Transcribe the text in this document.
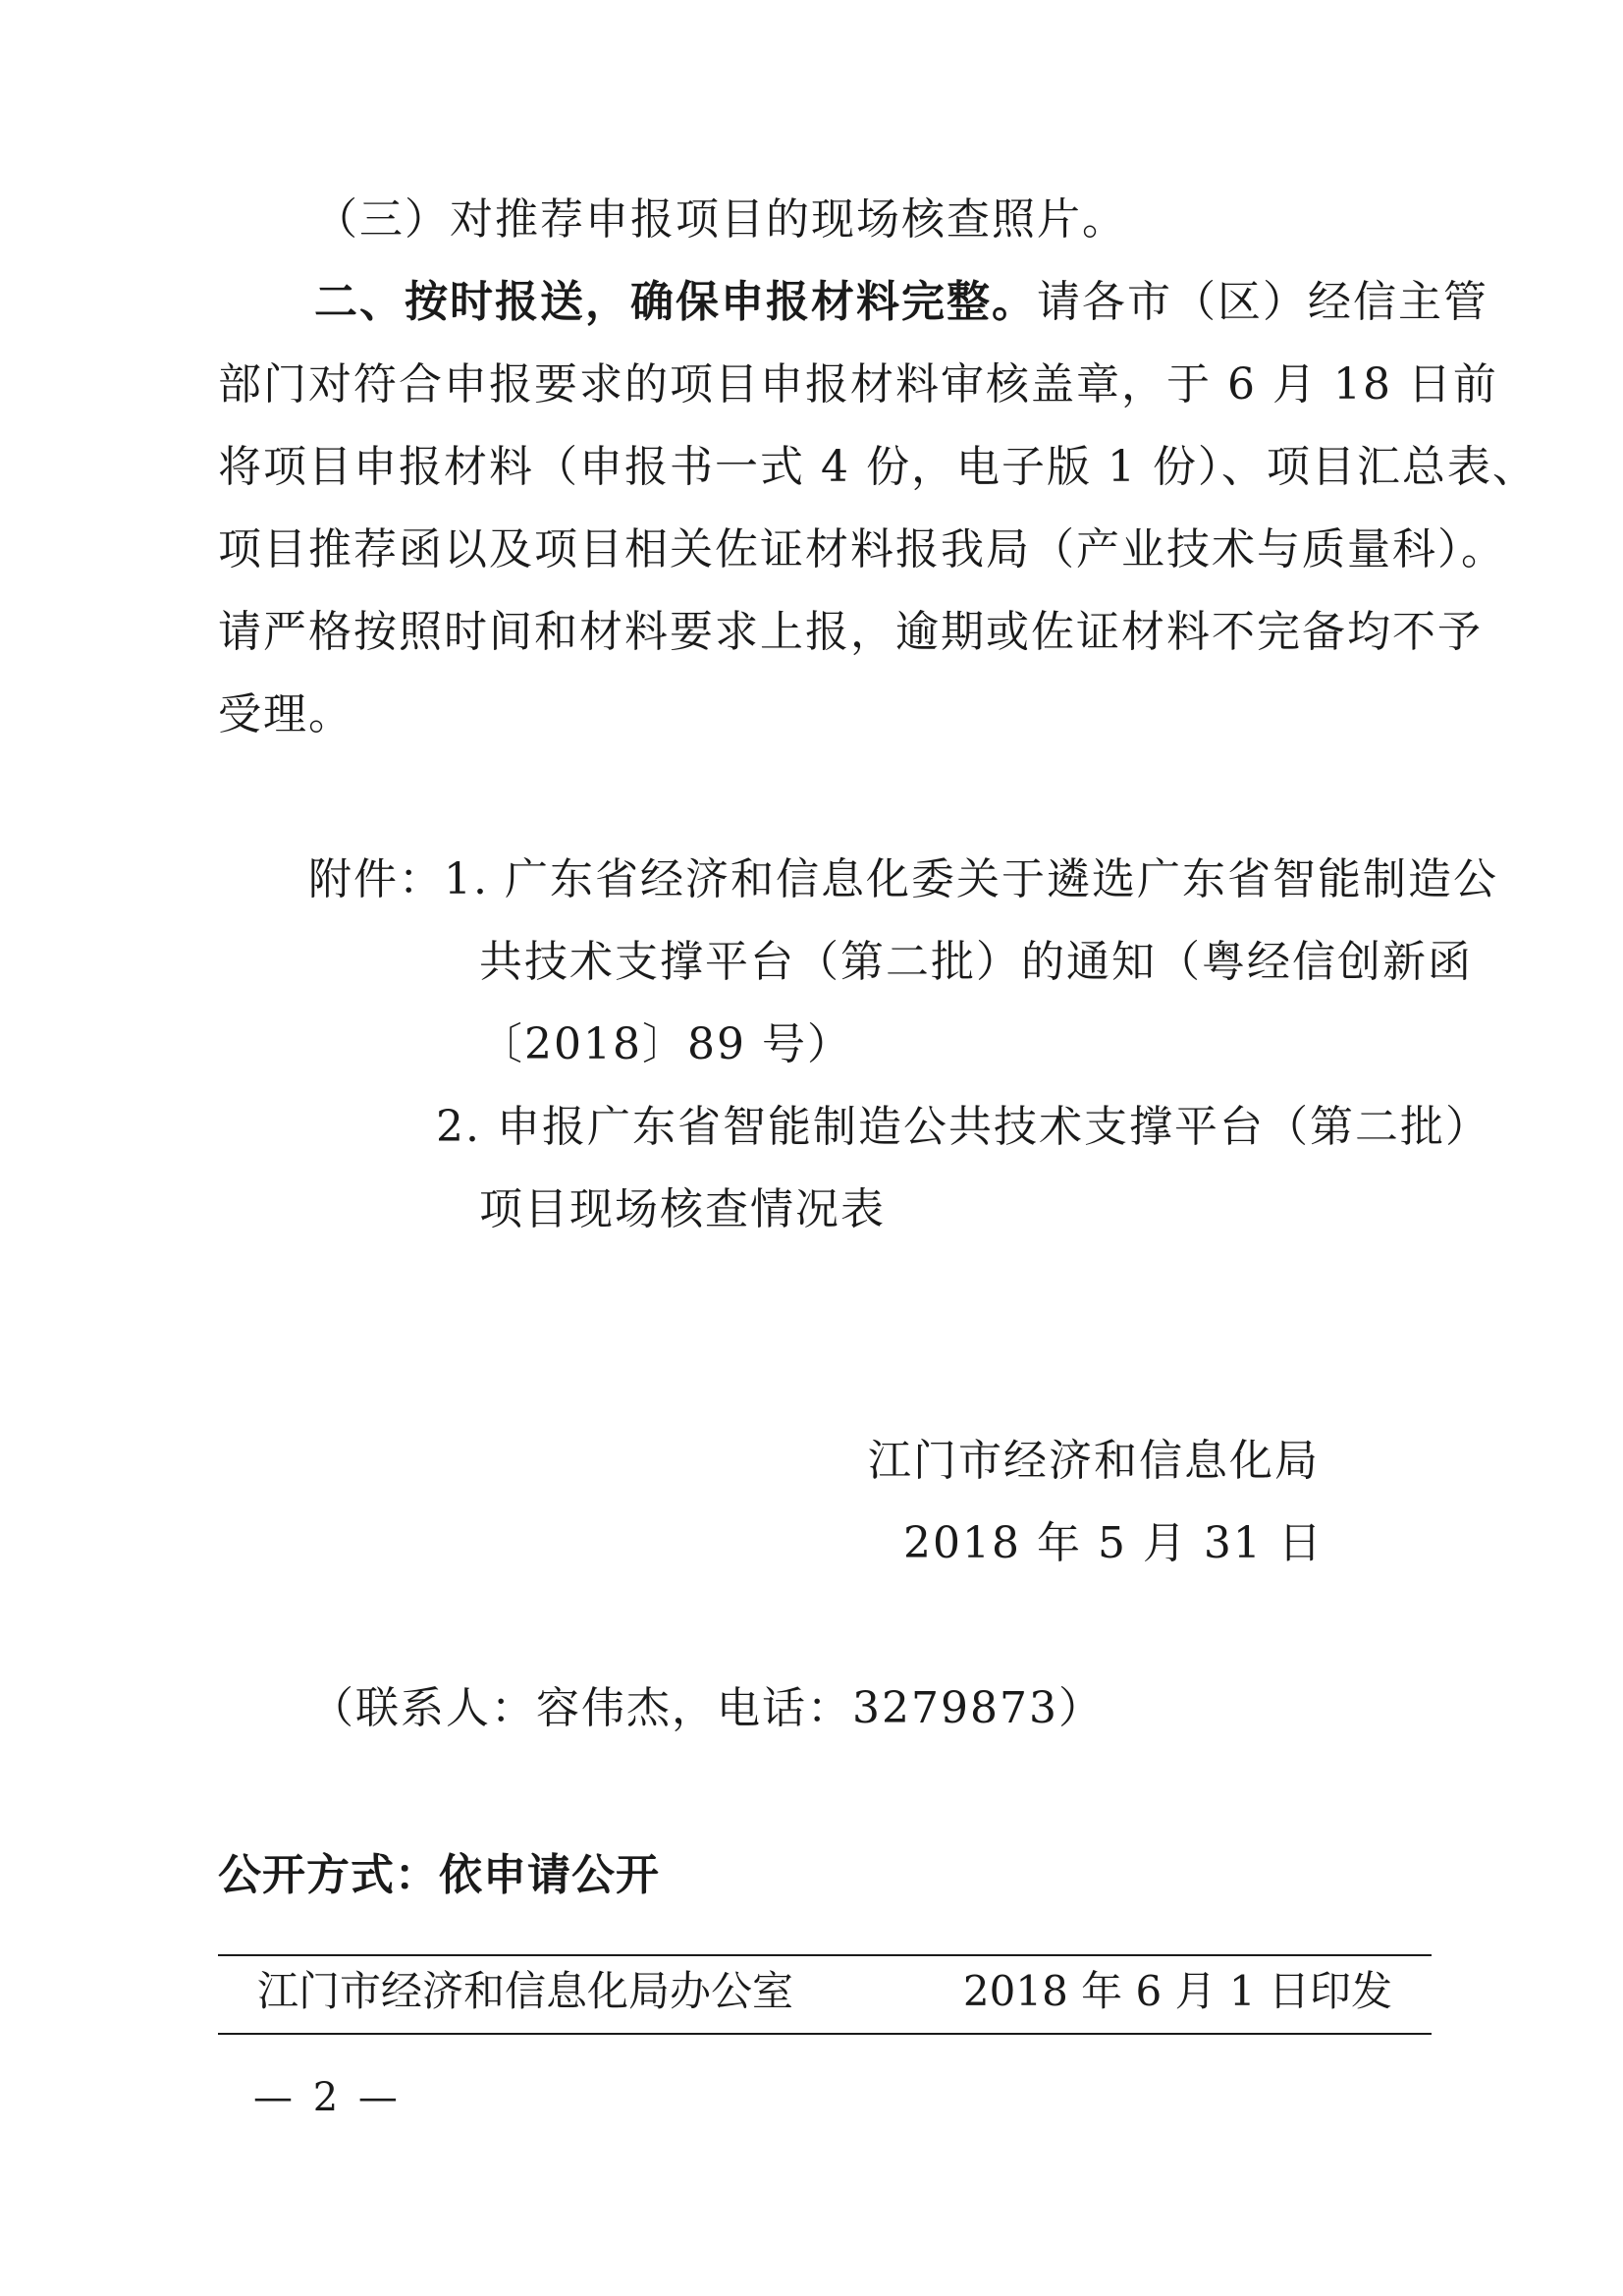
（三）对推荐申报项目的现场核查照片。
二、按时报送，确保申报材料完整。请各市（区）经信主管
部门对符合申报要求的项目申报材料审核盖章，于 6 月 18 日前
将项目申报材料（申报书一式 4 份，电子版 1 份）、项目汇总表、
项目推荐函以及项目相关佐证材料报我局（产业技术与质量科）。
请严格按照时间和材料要求上报，逾期或佐证材料不完备均不予
受理。
附件：1. 广东省经济和信息化委关于遴选广东省智能制造公
共技术支撑平台（第二批）的通知（粤经信创新函
〔2018〕89 号）
2. 申报广东省智能制造公共技术支撑平台（第二批）
项目现场核查情况表
江门市经济和信息化局
2018 年 5 月 31 日
（联系人：容伟杰，电话：3279873）
公开方式：依申请公开
江门市经济和信息化局办公室	2018 年 6 月 1 日印发
— 2 —
